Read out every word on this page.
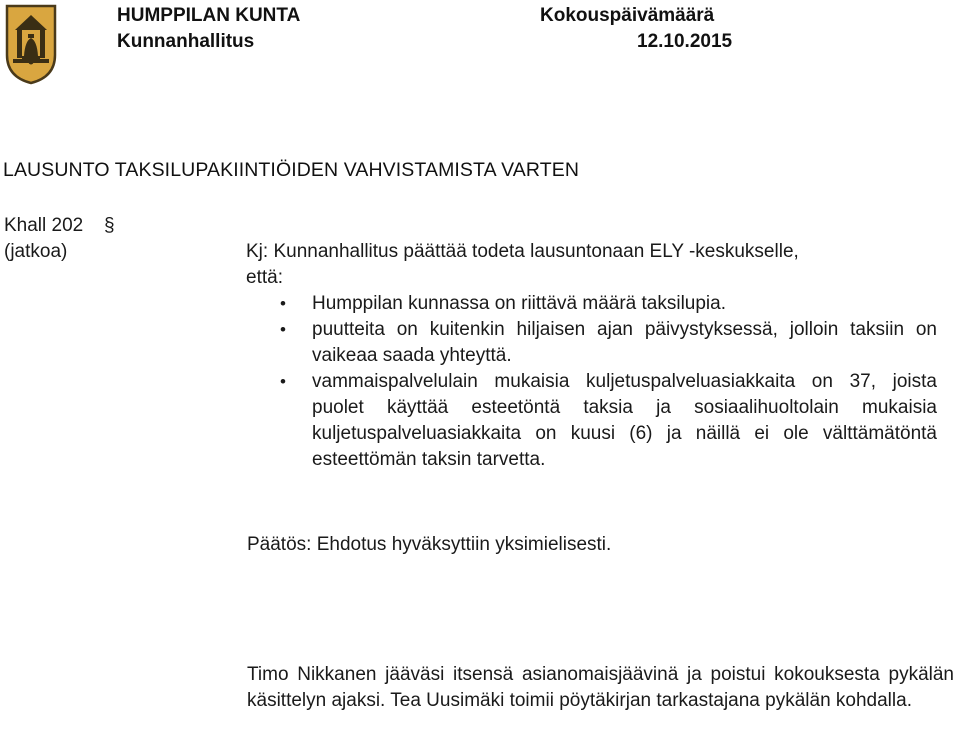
HUMPPILAN KUNTA
Kunnanhallitus
Kokouspäivämäärä
12.10.2015
LAUSUNTO TAKSILUPAKIINTIÖIDEN VAHVISTAMISTA VARTEN
Khall 202 §
(jatkoa)	Kj: Kunnanhallitus päättää todeta lausuntonaan ELY -keskukselle,
että:
• Humppilan kunnassa on riittävä määrä taksilupia.
• puutteita on kuitenkin hiljaisen ajan päivystyksessä, jolloin taksiin on vaikeaa saada yhteyttä.
• vammaispalvelulain mukaisia kuljetuspalveluasiakkaita on 37, joista puolet käyttää esteetöntä taksia ja sosiaalihuoltolain mukaisia kuljetuspalveluasiakkaita on kuusi (6) ja näillä ei ole välttämätöntä esteettömän taksin tarvetta.
Päätös: Ehdotus hyväksyttiin yksimielisesti.
Timo Nikkanen jääväsi itsensä asianomaisjäävinä ja poistui kokouksesta pykälän käsittelyn ajaksi. Tea Uusimäki toimii pöytäkirjan tarkastajana pykälän kohdalla.
